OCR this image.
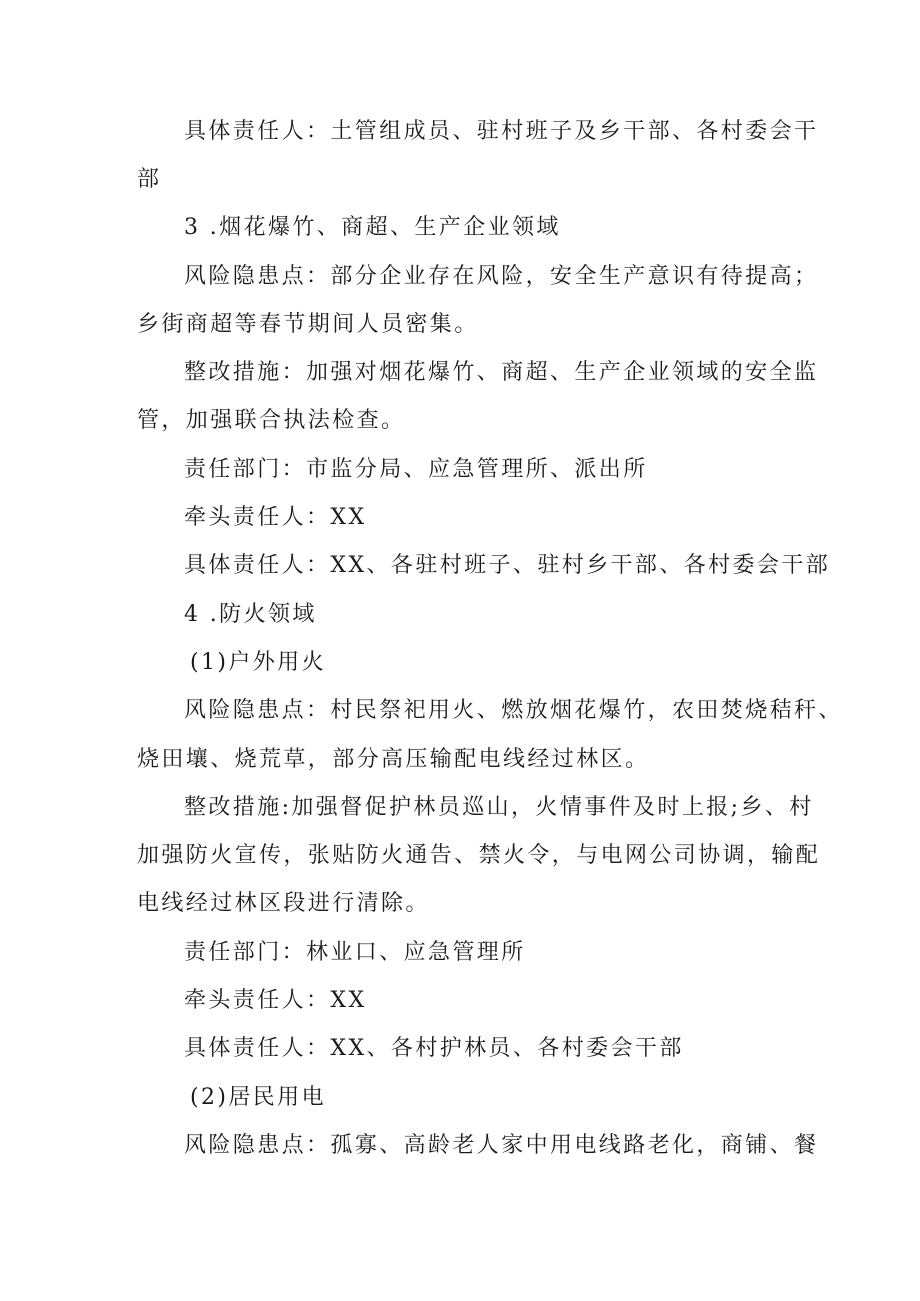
具体责任人：土管组成员、驻村班子及乡干部、各村委会干
部
3 .烟花爆竹、商超、生产企业领域
风险隐患点：部分企业存在风险，安全生产意识有待提高；
乡街商超等春节期间人员密集。
整改措施：加强对烟花爆竹、商超、生产企业领域的安全监
管，加强联合执法检查。
责任部门：市监分局、应急管理所、派出所
牵头责任人：XX
具体责任人：XX、各驻村班子、驻村乡干部、各村委会干部
4 .防火领域
(1)户外用火
风险隐患点：村民祭祀用火、燃放烟花爆竹，农田焚烧秸秆、
烧田壤、烧荒草，部分高压输配电线经过林区。
整改措施:加强督促护林员巡山，火情事件及时上报;乡、村
加强防火宣传，张贴防火通告、禁火令，与电网公司协调，输配
电线经过林区段进行清除。
责任部门：林业口、应急管理所
牵头责任人：XX
具体责任人：XX、各村护林员、各村委会干部
(2)居民用电
风险隐患点：孤寡、高龄老人家中用电线路老化，商铺、餐
